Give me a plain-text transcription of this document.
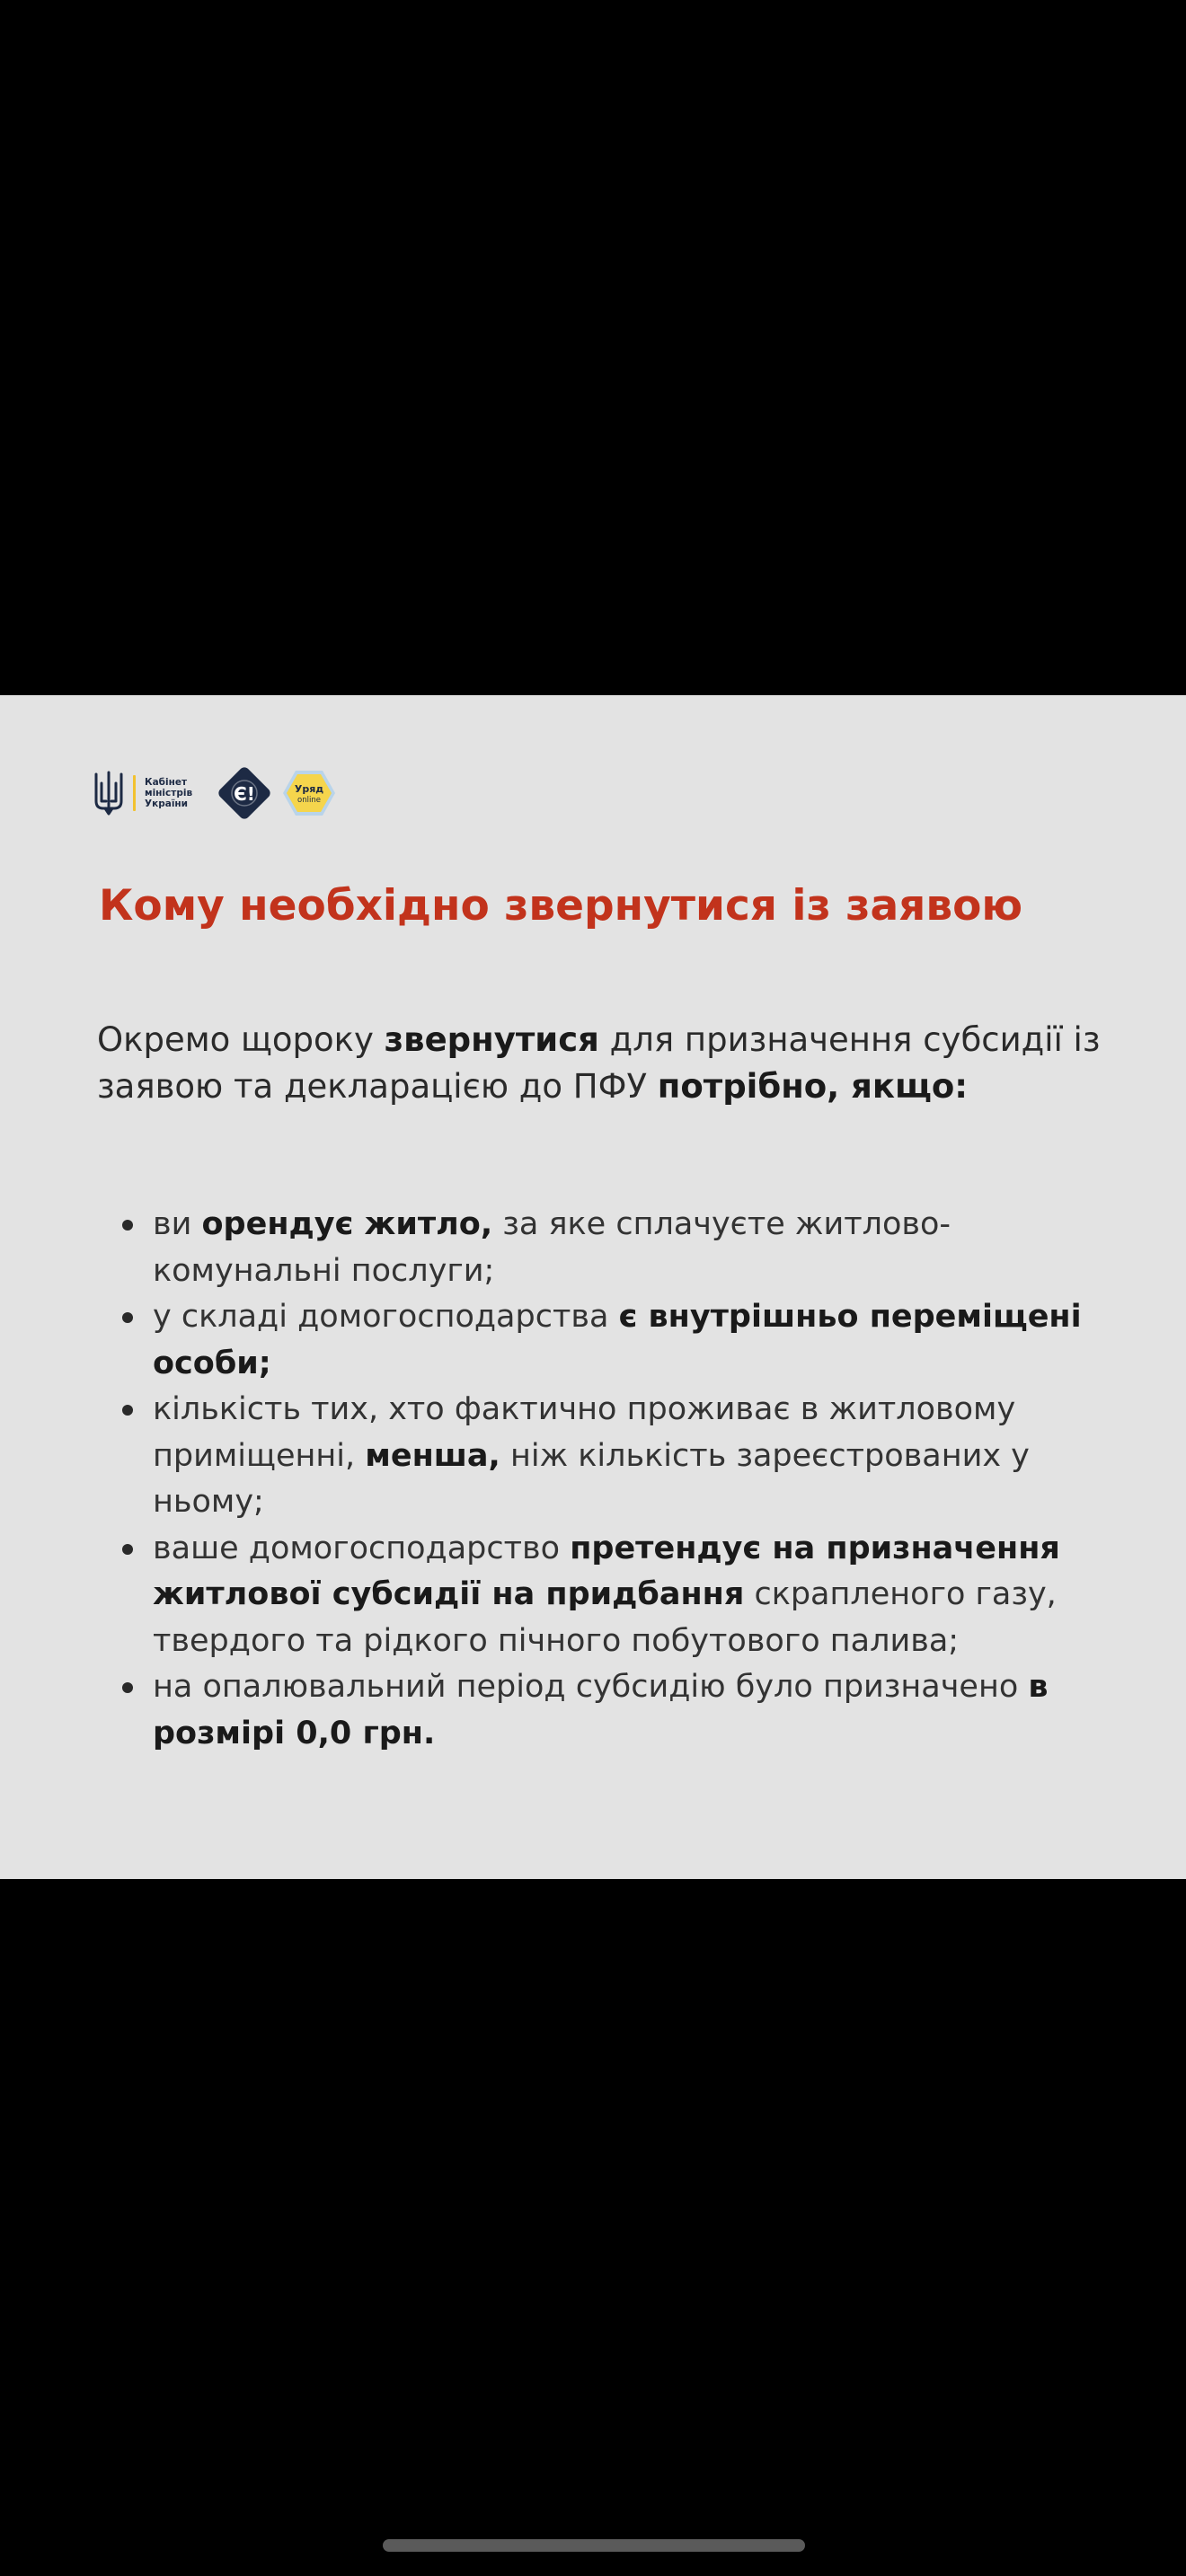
Кабінет
міністрів
України	Є!	Уряд
online
Кому необхідно звернутися із заявою

Окремо щороку звернутися для призначення субсидії із заявою та декларацією до ПФУ потрібно, якщо:

ви орендує житло, за яке сплачуєте житлово-комунальні послуги;
у складі домогосподарства є внутрішньо переміщені особи;
кількість тих, хто фактично проживає в житловому приміщенні, менша, ніж кількість зареєстрованих у ньому;
ваше домогосподарство претендує на призначення житлової субсидії на придбання скрапленого газу, твердого та рідкого пічного побутового палива;
на опалювальний період субсидію було призначено в розмірі 0,0 грн.
